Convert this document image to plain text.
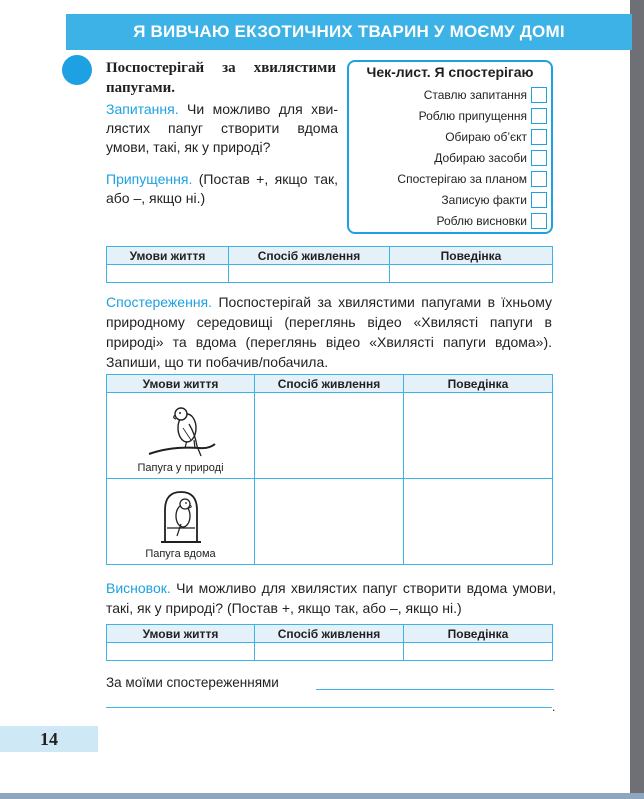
Я ВИВЧАЮ ЕКЗОТИЧНИХ ТВАРИН У МОЄМУ ДОМІ
Поспостерігай за хвилястими папугами.
Запитання. Чи можливо для хвилястих папуг створити вдома умови, такі, як у природі?
Припущення. (Постав +, якщо так, або –, якщо ні.)
Чек-лист. Я спостерігаю
Ставлю запитання
Роблю припущення
Обираю об’єкт
Добираю засоби
Спостерігаю за планом
Записую факти
Роблю висновки
Умови життя	Спосіб живлення	Поведінка

Спостереження. Поспостерігай за хвилястими папугами в їхньому природному середовищі (переглянь відео «Хвилясті папуги в природі» та вдома (переглянь відео «Хвилясті папуги вдома»). Запиши, що ти побачив/побачила.
Умови життя	Спосіб живлення	Поведінка

Папуга у природі		

Папуга вдома		

Висновок. Чи можливо для хвилястих папуг створити вдома умови, такі, як у природі? (Постав +, якщо так, або –, якщо ні.)
Умови життя	Спосіб живлення	Поведінка

За моїми спостереженнями
.
14
